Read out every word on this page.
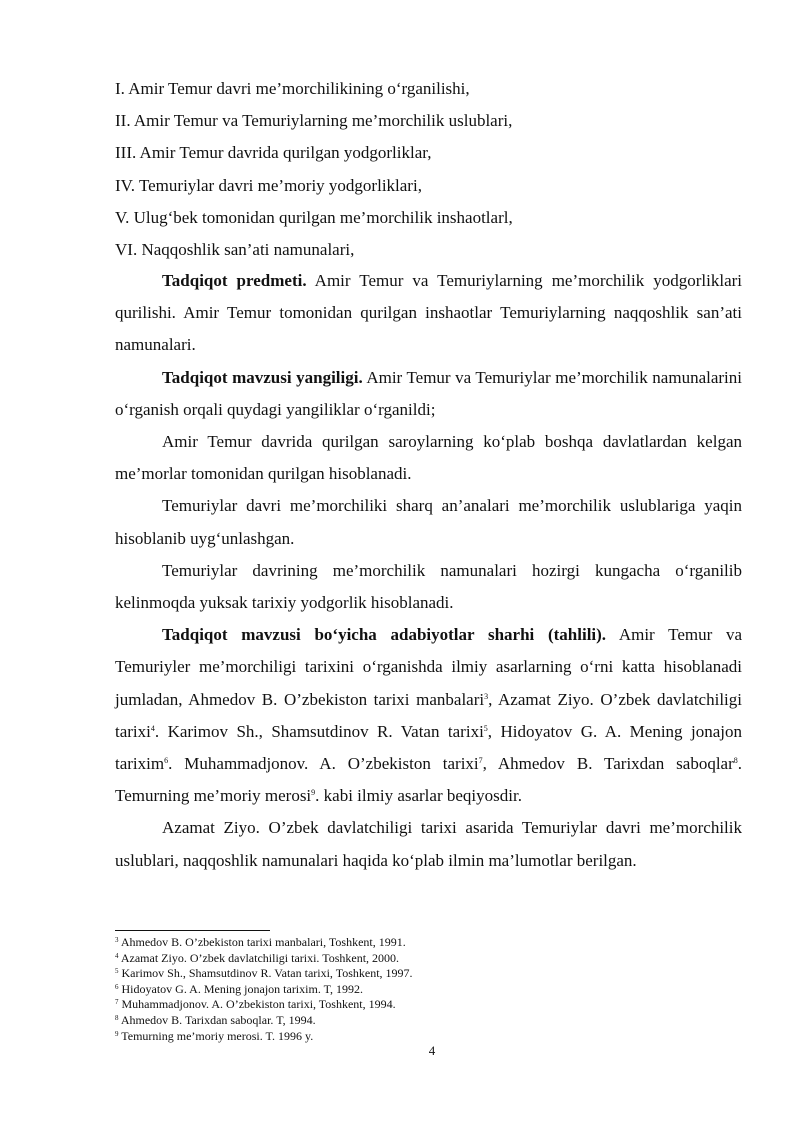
I. Amir Temur davri me’morchilikining o‘rganilishi,
II. Amir Temur va Temuriylarning me’morchilik uslublari,
III. Amir Temur davrida qurilgan yodgorliklar,
IV. Temuriylar davri me’moriy yodgorliklari,
V. Ulug‘bek tomonidan qurilgan me’morchilik inshaotlarl,
VI. Naqqoshlik san’ati namunalari,

Tadqiqot predmeti. Amir Temur va Temuriylarning me’morchilik yodgorliklari qurilishi. Amir Temur tomonidan qurilgan inshaotlar Temuriylarning naqqoshlik san’ati namunalari.

Tadqiqot mavzusi yangiligi. Amir Temur va Temuriylar me’morchilik namunalarini o‘rganish orqali quydagi yangiliklar o‘rganildi;

Amir Temur davrida qurilgan saroylarning ko‘plab boshqa davlatlardan kelgan me’morlar tomonidan qurilgan hisoblanadi.

Temuriylar davri me’morchiliki sharq an’analari me’morchilik uslublariga yaqin hisoblanib uyg‘unlashgan.

Temuriylar davrining me’morchilik namunalari hozirgi kungacha o‘rganilib kelinmoqda yuksak tarixiy yodgorlik hisoblanadi.

Tadqiqot mavzusi bo‘yicha adabiyotlar sharhi (tahlili). Amir Temur va Temuriyler me’morchiligi tarixini o‘rganishda ilmiy asarlarning o‘rni katta hisoblanadi jumladan, Ahmedov B. O’zbekiston tarixi manbalari$^3$, Azamat Ziyo. O’zbek davlatchiligi tarixi$^4$. Karimov Sh., Shamsutdinov R. Vatan tarixi$^5$, Hidoyatov G. A. Mening jonajon tarixim$^6$. Muhammadjonov. A. O’zbekiston tarixi$^7$, Ahmedov B. Tarixdan saboqlar$^8$. Temurning me’moriy merosi$^9$. kabi ilmiy asarlar beqiyosdir.

Azamat Ziyo. O’zbek davlatchiligi tarixi asarida Temuriylar davri me’morchilik uslublari, naqqoshlik namunalari haqida ko‘plab ilmin ma’lumotlar berilgan.

$^3$ Ahmedov B. O’zbekiston tarixi manbalari, Toshkent, 1991.
$^4$ Azamat Ziyo. O’zbek davlatchiligi tarixi. Toshkent, 2000.
$^5$ Karimov Sh., Shamsutdinov R. Vatan tarixi, Toshkent, 1997.
$^6$ Hidoyatov G. A. Mening jonajon tarixim. T, 1992.
$^7$ Muhammadjonov. A. O’zbekiston tarixi, Toshkent, 1994.
$^8$ Ahmedov B. Tarixdan saboqlar. T, 1994.
$^9$ Temurning me’moriy merosi. T. 1996 y.
4
